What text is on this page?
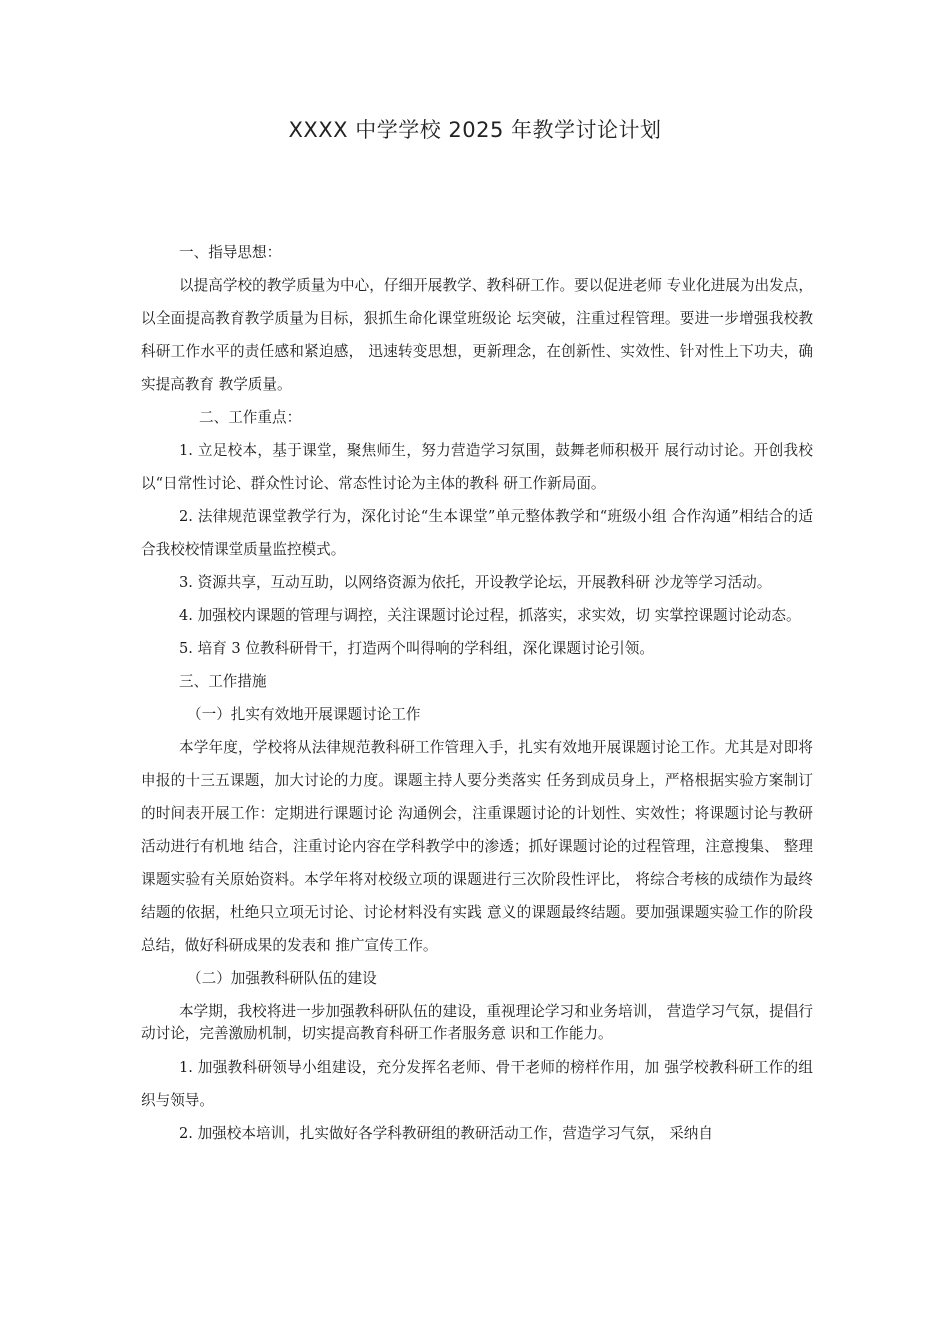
XXXX 中学学校 2025 年教学讨论计划

一、指导思想：

以提高学校的教学质量为中心，仔细开展教学、教科研工作。要以促进老师 专业化进展为出发点，以全面提高教育教学质量为目标，狠抓生命化课堂班级论 坛突破，注重过程管理。要进一步增强我校教科研工作水平的责任感和紧迫感， 迅速转变思想，更新理念，在创新性、实效性、针对性上下功夫，确实提高教育 教学质量。

二、工作重点：

1. 立足校本，基于课堂，聚焦师生，努力营造学习氛围，鼓舞老师积极开 展行动讨论。开创我校以“日常性讨论、群众性讨论、常态性讨论为主体的教科 研工作新局面。

2. 法律规范课堂教学行为，深化讨论“生本课堂”单元整体教学和“班级小组 合作沟通”相结合的适合我校校情课堂质量监控模式。

3. 资源共享，互动互助，以网络资源为依托，开设教学论坛，开展教科研 沙龙等学习活动。

4. 加强校内课题的管理与调控，关注课题讨论过程，抓落实，求实效，切 实掌控课题讨论动态。

5. 培育 3 位教科研骨干，打造两个叫得响的学科组，深化课题讨论引领。

三、工作措施

（一）扎实有效地开展课题讨论工作

本学年度，学校将从法律规范教科研工作管理入手，扎实有效地开展课题讨论工作。尤其是对即将申报的十三五课题，加大讨论的力度。课题主持人要分类落实 任务到成员身上，严格根据实验方案制订的时间表开展工作：定期进行课题讨论 沟通例会，注重课题讨论的计划性、实效性；将课题讨论与教研活动进行有机地 结合，注重讨论内容在学科教学中的渗透；抓好课题讨论的过程管理，注意搜集、 整理课题实验有关原始资料。本学年将对校级立项的课题进行三次阶段性评比， 将综合考核的成绩作为最终结题的依据，杜绝只立项无讨论、讨论材料没有实践 意义的课题最终结题。要加强课题实验工作的阶段总结，做好科研成果的发表和 推广宣传工作。

（二）加强教科研队伍的建设

本学期，我校将进一步加强教科研队伍的建设，重视理论学习和业务培训， 营造学习气氛，提倡行动讨论，完善激励机制，切实提高教育科研工作者服务意 识和工作能力。

1. 加强教科研领导小组建设，充分发挥名老师、骨干老师的榜样作用，加 强学校教科研工作的组织与领导。

2. 加强校本培训，扎实做好各学科教研组的教研活动工作，营造学习气氛， 采纳自
